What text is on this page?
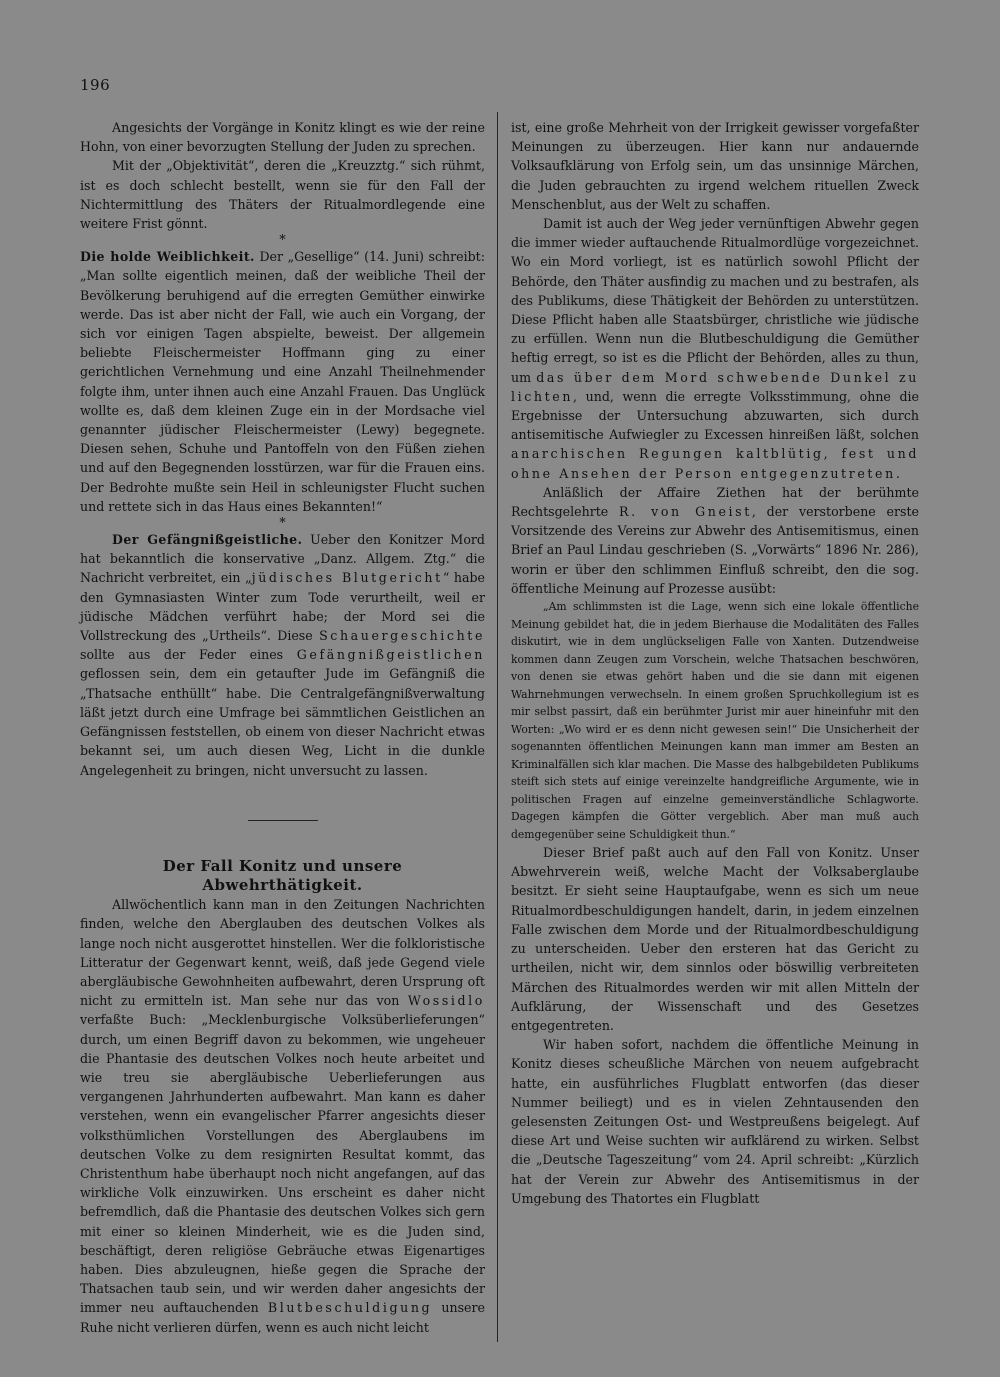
196

Angesichts der Vorgänge in Konitz klingt es wie der reine Hohn, von einer bevorzugten Stellung der Juden zu sprechen.

Mit der „Objektivität“, deren die „Kreuzztg.“ sich rühmt, ist es doch schlecht bestellt, wenn sie für den Fall der Nichtermittlung des Thäters der Ritualmordlegende eine weitere Frist gönnt.

*

Die holde Weiblichkeit. Der „Gesellige“ (14. Juni) schreibt: „Man sollte eigentlich meinen, daß der weibliche Theil der Bevölkerung beruhigend auf die erregten Gemüther einwirke werde. Das ist aber nicht der Fall, wie auch ein Vorgang, der sich vor einigen Tagen abspielte, beweist. Der allgemein beliebte Fleischermeister Hoffmann ging zu einer gerichtlichen Vernehmung und eine Anzahl Theilnehmender folgte ihm, unter ihnen auch eine Anzahl Frauen. Das Unglück wollte es, daß dem kleinen Zuge ein in der Mordsache viel genannter jüdischer Fleischermeister (Lewy) begegnete. Diesen sehen, Schuhe und Pantoffeln von den Füßen ziehen und auf den Begegnenden losstürzen, war für die Frauen eins. Der Bedrohte mußte sein Heil in schleunigster Flucht suchen und rettete sich in das Haus eines Bekannten!“

*

Der Gefängnißgeistliche. Ueber den Konitzer Mord hat bekanntlich die konservative „Danz. Allgem. Ztg.“ die Nachricht verbreitet, ein „jüdisches Blutgericht“ habe den Gymnasiasten Winter zum Tode verurtheilt, weil er jüdische Mädchen verführt habe; der Mord sei die Vollstreckung des „Urtheils“. Diese Schauergeschichte sollte aus der Feder eines Gefängnißgeistlichen geflossen sein, dem ein getaufter Jude im Gefängniß die „Thatsache enthüllt“ habe. Die Centralgefängnißverwaltung läßt jetzt durch eine Umfrage bei sämmtlichen Geistlichen an Gefängnissen feststellen, ob einem von dieser Nachricht etwas bekannt sei, um auch diesen Weg, Licht in die dunkle Angelegenheit zu bringen, nicht unversucht zu lassen.

Der Fall Konitz und unsere Abwehrthätigkeit.

Allwöchentlich kann man in den Zeitungen Nachrichten finden, welche den Aberglauben des deutschen Volkes als lange noch nicht ausgerottet hinstellen. Wer die folkloristische Litteratur der Gegenwart kennt, weiß, daß jede Gegend viele abergläubische Gewohnheiten aufbewahrt, deren Ursprung oft nicht zu ermitteln ist. Man sehe nur das von Wossidlo verfaßte Buch: „Mecklenburgische Volksüberlieferungen“ durch, um einen Begriff davon zu bekommen, wie ungeheuer die Phantasie des deutschen Volkes noch heute arbeitet und wie treu sie abergläubische Ueberlieferungen aus vergangenen Jahrhunderten aufbewahrt. Man kann es daher verstehen, wenn ein evangelischer Pfarrer angesichts dieser volksthümlichen Vorstellungen des Aberglaubens im deutschen Volke zu dem resignirten Resultat kommt, das Christenthum habe überhaupt noch nicht angefangen, auf das wirkliche Volk einzuwirken. Uns erscheint es daher nicht befremdlich, daß die Phantasie des deutschen Volkes sich gern mit einer so kleinen Minderheit, wie es die Juden sind, beschäftigt, deren religiöse Gebräuche etwas Eigenartiges haben. Dies abzuleugnen, hieße gegen die Sprache der Thatsachen taub sein, und wir werden daher angesichts der immer neu auftauchenden Blutbeschuldigung unsere Ruhe nicht verlieren dürfen, wenn es auch nicht leicht

ist, eine große Mehrheit von der Irrigkeit gewisser vorgefaßter Meinungen zu überzeugen. Hier kann nur andauernde Volksaufklärung von Erfolg sein, um das unsinnige Märchen, die Juden gebrauchten zu irgend welchem rituellen Zweck Menschenblut, aus der Welt zu schaffen.

Damit ist auch der Weg jeder vernünftigen Abwehr gegen die immer wieder auftauchende Ritualmordlüge vorgezeichnet. Wo ein Mord vorliegt, ist es natürlich sowohl Pflicht der Behörde, den Thäter ausfindig zu machen und zu bestrafen, als des Publikums, diese Thätigkeit der Behörden zu unterstützen. Diese Pflicht haben alle Staatsbürger, christliche wie jüdische zu erfüllen. Wenn nun die Blutbeschuldigung die Gemüther heftig erregt, so ist es die Pflicht der Behörden, alles zu thun, um das über dem Mord schwebende Dunkel zu lichten, und, wenn die erregte Volksstimmung, ohne die Ergebnisse der Untersuchung abzuwarten, sich durch antisemitische Aufwiegler zu Excessen hinreißen läßt, solchen anarchischen Regungen kaltblütig, fest und ohne Ansehen der Person entgegenzutreten.

Anläßlich der Affaire Ziethen hat der berühmte Rechtsgelehrte R. von Gneist, der verstorbene erste Vorsitzende des Vereins zur Abwehr des Antisemitismus, einen Brief an Paul Lindau geschrieben (S. „Vorwärts“ 1896 Nr. 286), worin er über den schlimmen Einfluß schreibt, den die sog. öffentliche Meinung auf Prozesse ausübt:

„Am schlimmsten ist die Lage, wenn sich eine lokale öffentliche Meinung gebildet hat, die in jedem Bierhause die Modalitäten des Falles diskutirt, wie in dem unglückseligen Falle von Xanten. Dutzendweise kommen dann Zeugen zum Vorschein, welche Thatsachen beschwören, von denen sie etwas gehört haben und die sie dann mit eigenen Wahrnehmungen verwechseln. In einem großen Spruchkollegium ist es mir selbst passirt, daß ein berühmter Jurist mir auer hineinfuhr mit den Worten: „Wo wird er es denn nicht gewesen sein!“ Die Unsicherheit der sogenannten öffentlichen Meinungen kann man immer am Besten an Kriminalfällen sich klar machen. Die Masse des halbgebildeten Publikums steift sich stets auf einige vereinzelte handgreifliche Argumente, wie in politischen Fragen auf einzelne gemeinverständliche Schlagworte. Dagegen kämpfen die Götter vergeblich. Aber man muß auch demgegenüber seine Schuldigkeit thun.“

Dieser Brief paßt auch auf den Fall von Konitz. Unser Abwehrverein weiß, welche Macht der Volksaberglaube besitzt. Er sieht seine Hauptaufgabe, wenn es sich um neue Ritualmordbeschuldigungen handelt, darin, in jedem einzelnen Falle zwischen dem Morde und der Ritualmordbeschuldigung zu unterscheiden. Ueber den ersteren hat das Gericht zu urtheilen, nicht wir, dem sinnlos oder böswillig verbreiteten Märchen des Ritualmordes werden wir mit allen Mitteln der Aufklärung, der Wissenschaft und des Gesetzes entgegentreten.

Wir haben sofort, nachdem die öffentliche Meinung in Konitz dieses scheußliche Märchen von neuem aufgebracht hatte, ein ausführliches Flugblatt entworfen (das dieser Nummer beiliegt) und es in vielen Zehntausenden den gelesensten Zeitungen Ost- und Westpreußens beigelegt. Auf diese Art und Weise suchten wir aufklärend zu wirken. Selbst die „Deutsche Tageszeitung“ vom 24. April schreibt: „Kürzlich hat der Verein zur Abwehr des Antisemitismus in der Umgebung des Thatortes ein Flugblatt
